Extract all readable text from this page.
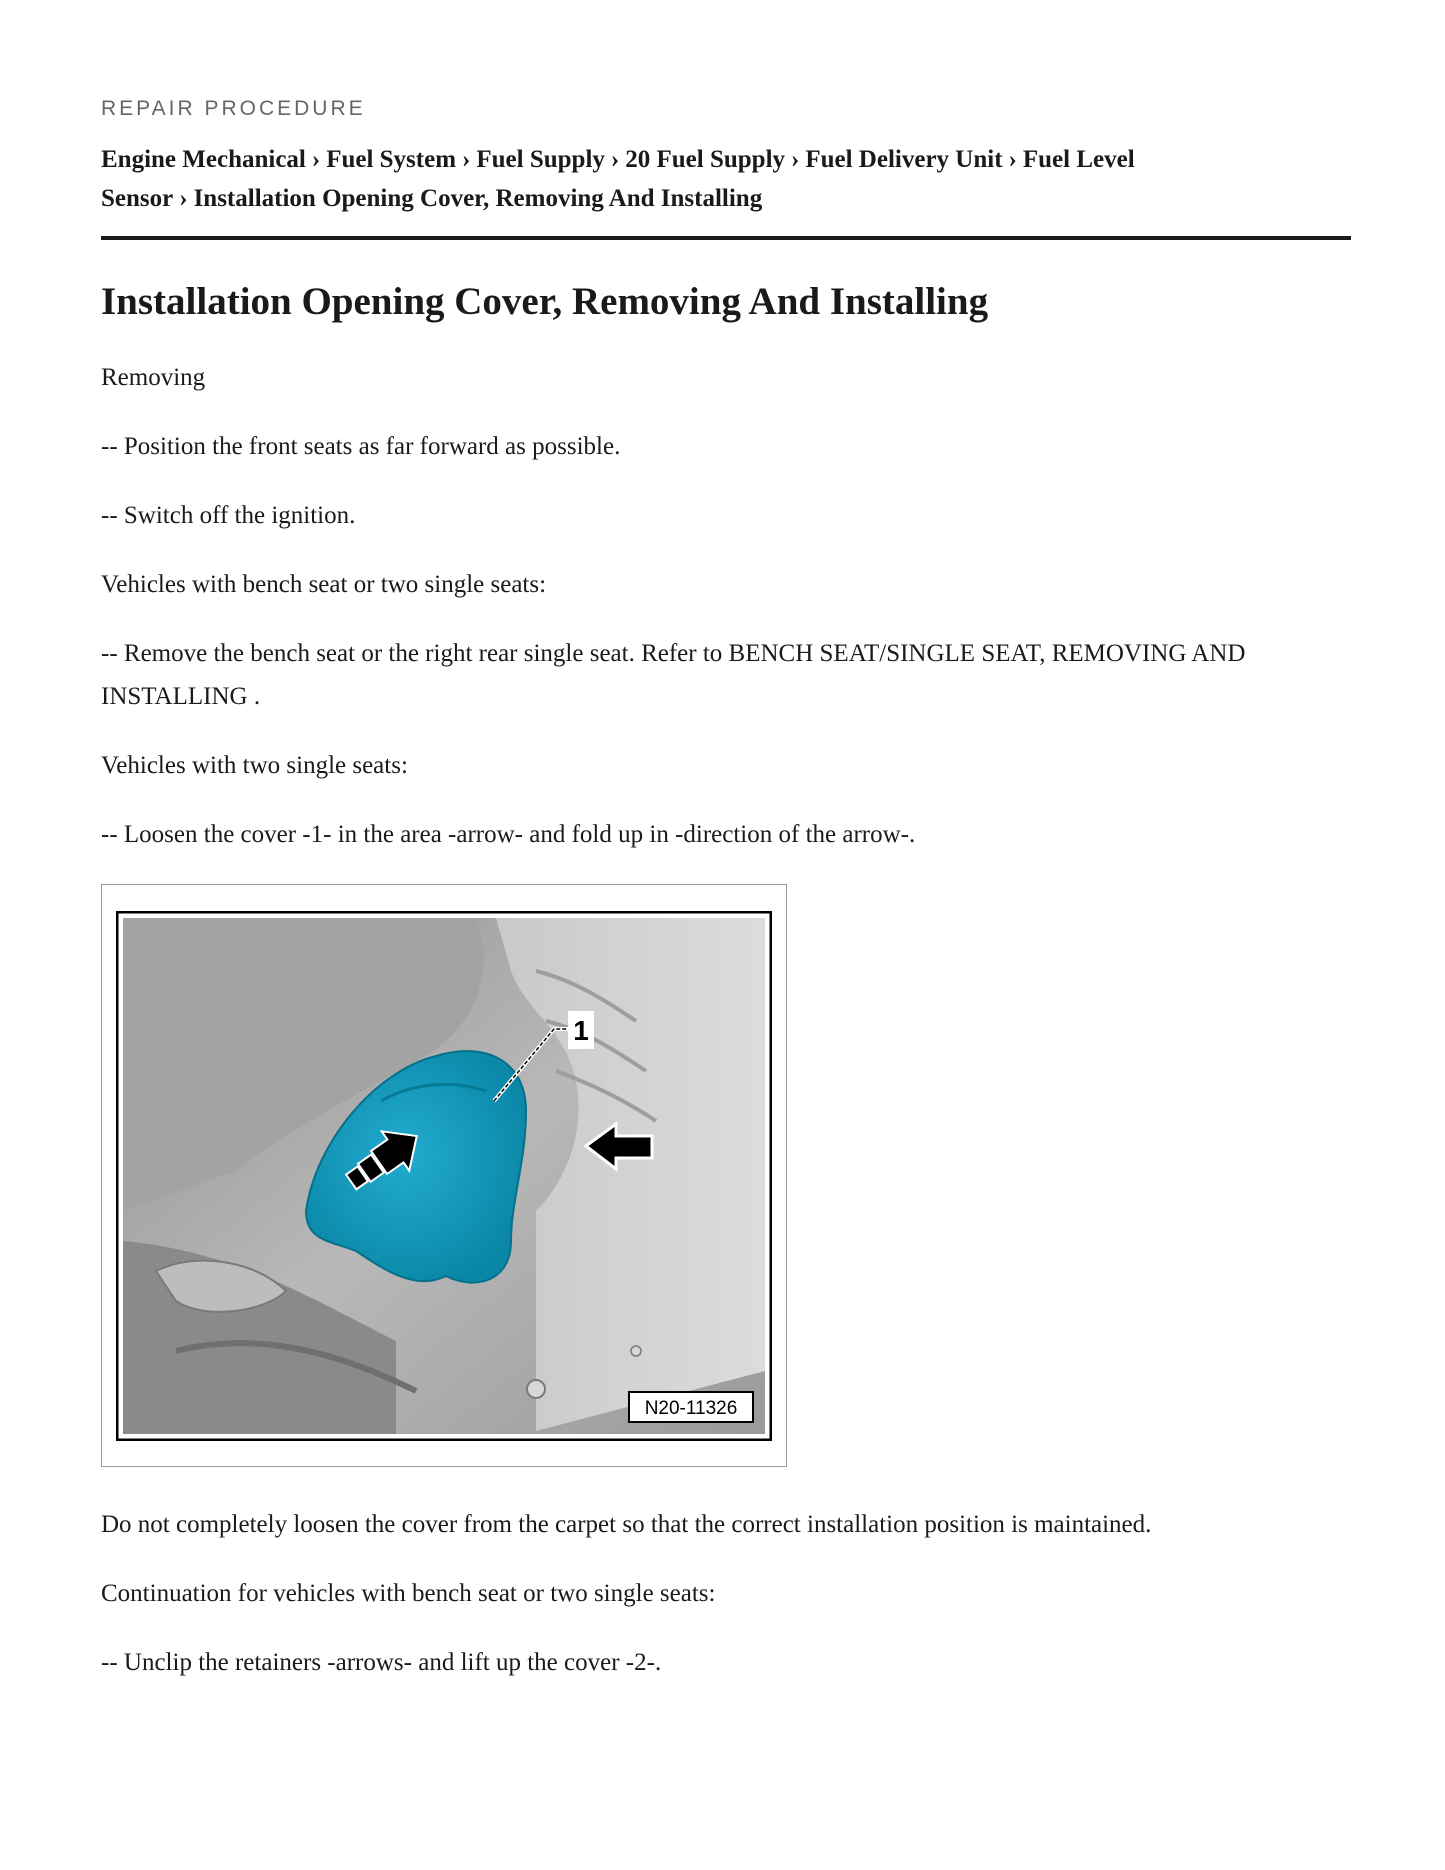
REPAIR PROCEDURE
Engine Mechanical › Fuel System › Fuel Supply › 20 Fuel Supply › Fuel Delivery Unit › Fuel Level Sensor › Installation Opening Cover, Removing And Installing
Installation Opening Cover, Removing And Installing

Removing

-- Position the front seats as far forward as possible.

-- Switch off the ignition.

Vehicles with bench seat or two single seats:

-- Remove the bench seat or the right rear single seat. Refer to BENCH SEAT/SINGLE SEAT, REMOVING AND INSTALLING .

Vehicles with two single seats:

-- Loosen the cover -1- in the area -arrow- and fold up in -direction of the arrow-.

1
N20-11326

Do not completely loosen the cover from the carpet so that the correct installation position is maintained.

Continuation for vehicles with bench seat or two single seats:

-- Unclip the retainers -arrows- and lift up the cover -2-.
